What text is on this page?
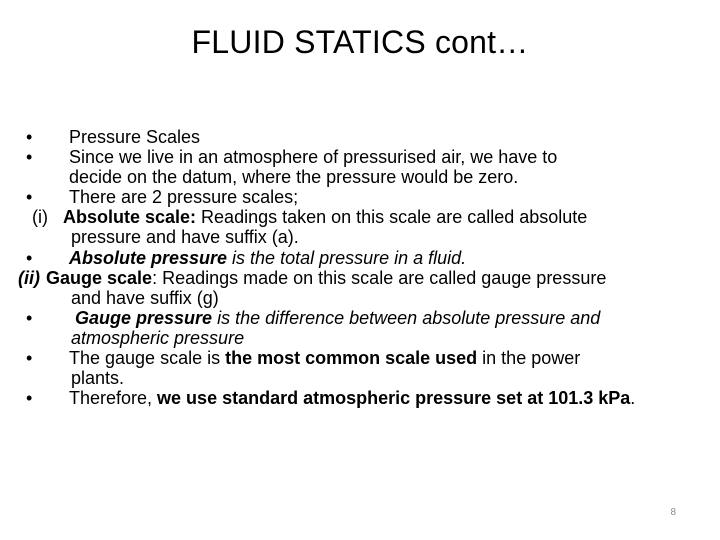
FLUID STATICS cont…
• Pressure Scales
• Since we live in an atmosphere of pressurised air, we have to
decide on the datum, where the pressure would be zero.
• There are 2 pressure scales;
(i) Absolute scale: Readings taken on this scale are called absolute
pressure and have suffix (a).
• Absolute pressure is the total pressure in a fluid.
(ii) Gauge scale: Readings made on this scale are called gauge pressure
and have suffix (g)
• Gauge pressure is the difference between absolute pressure and
atmospheric pressure
• The gauge scale is the most common scale used in the power
plants.
• Therefore, we use standard atmospheric pressure set at 101.3 kPa.
8
